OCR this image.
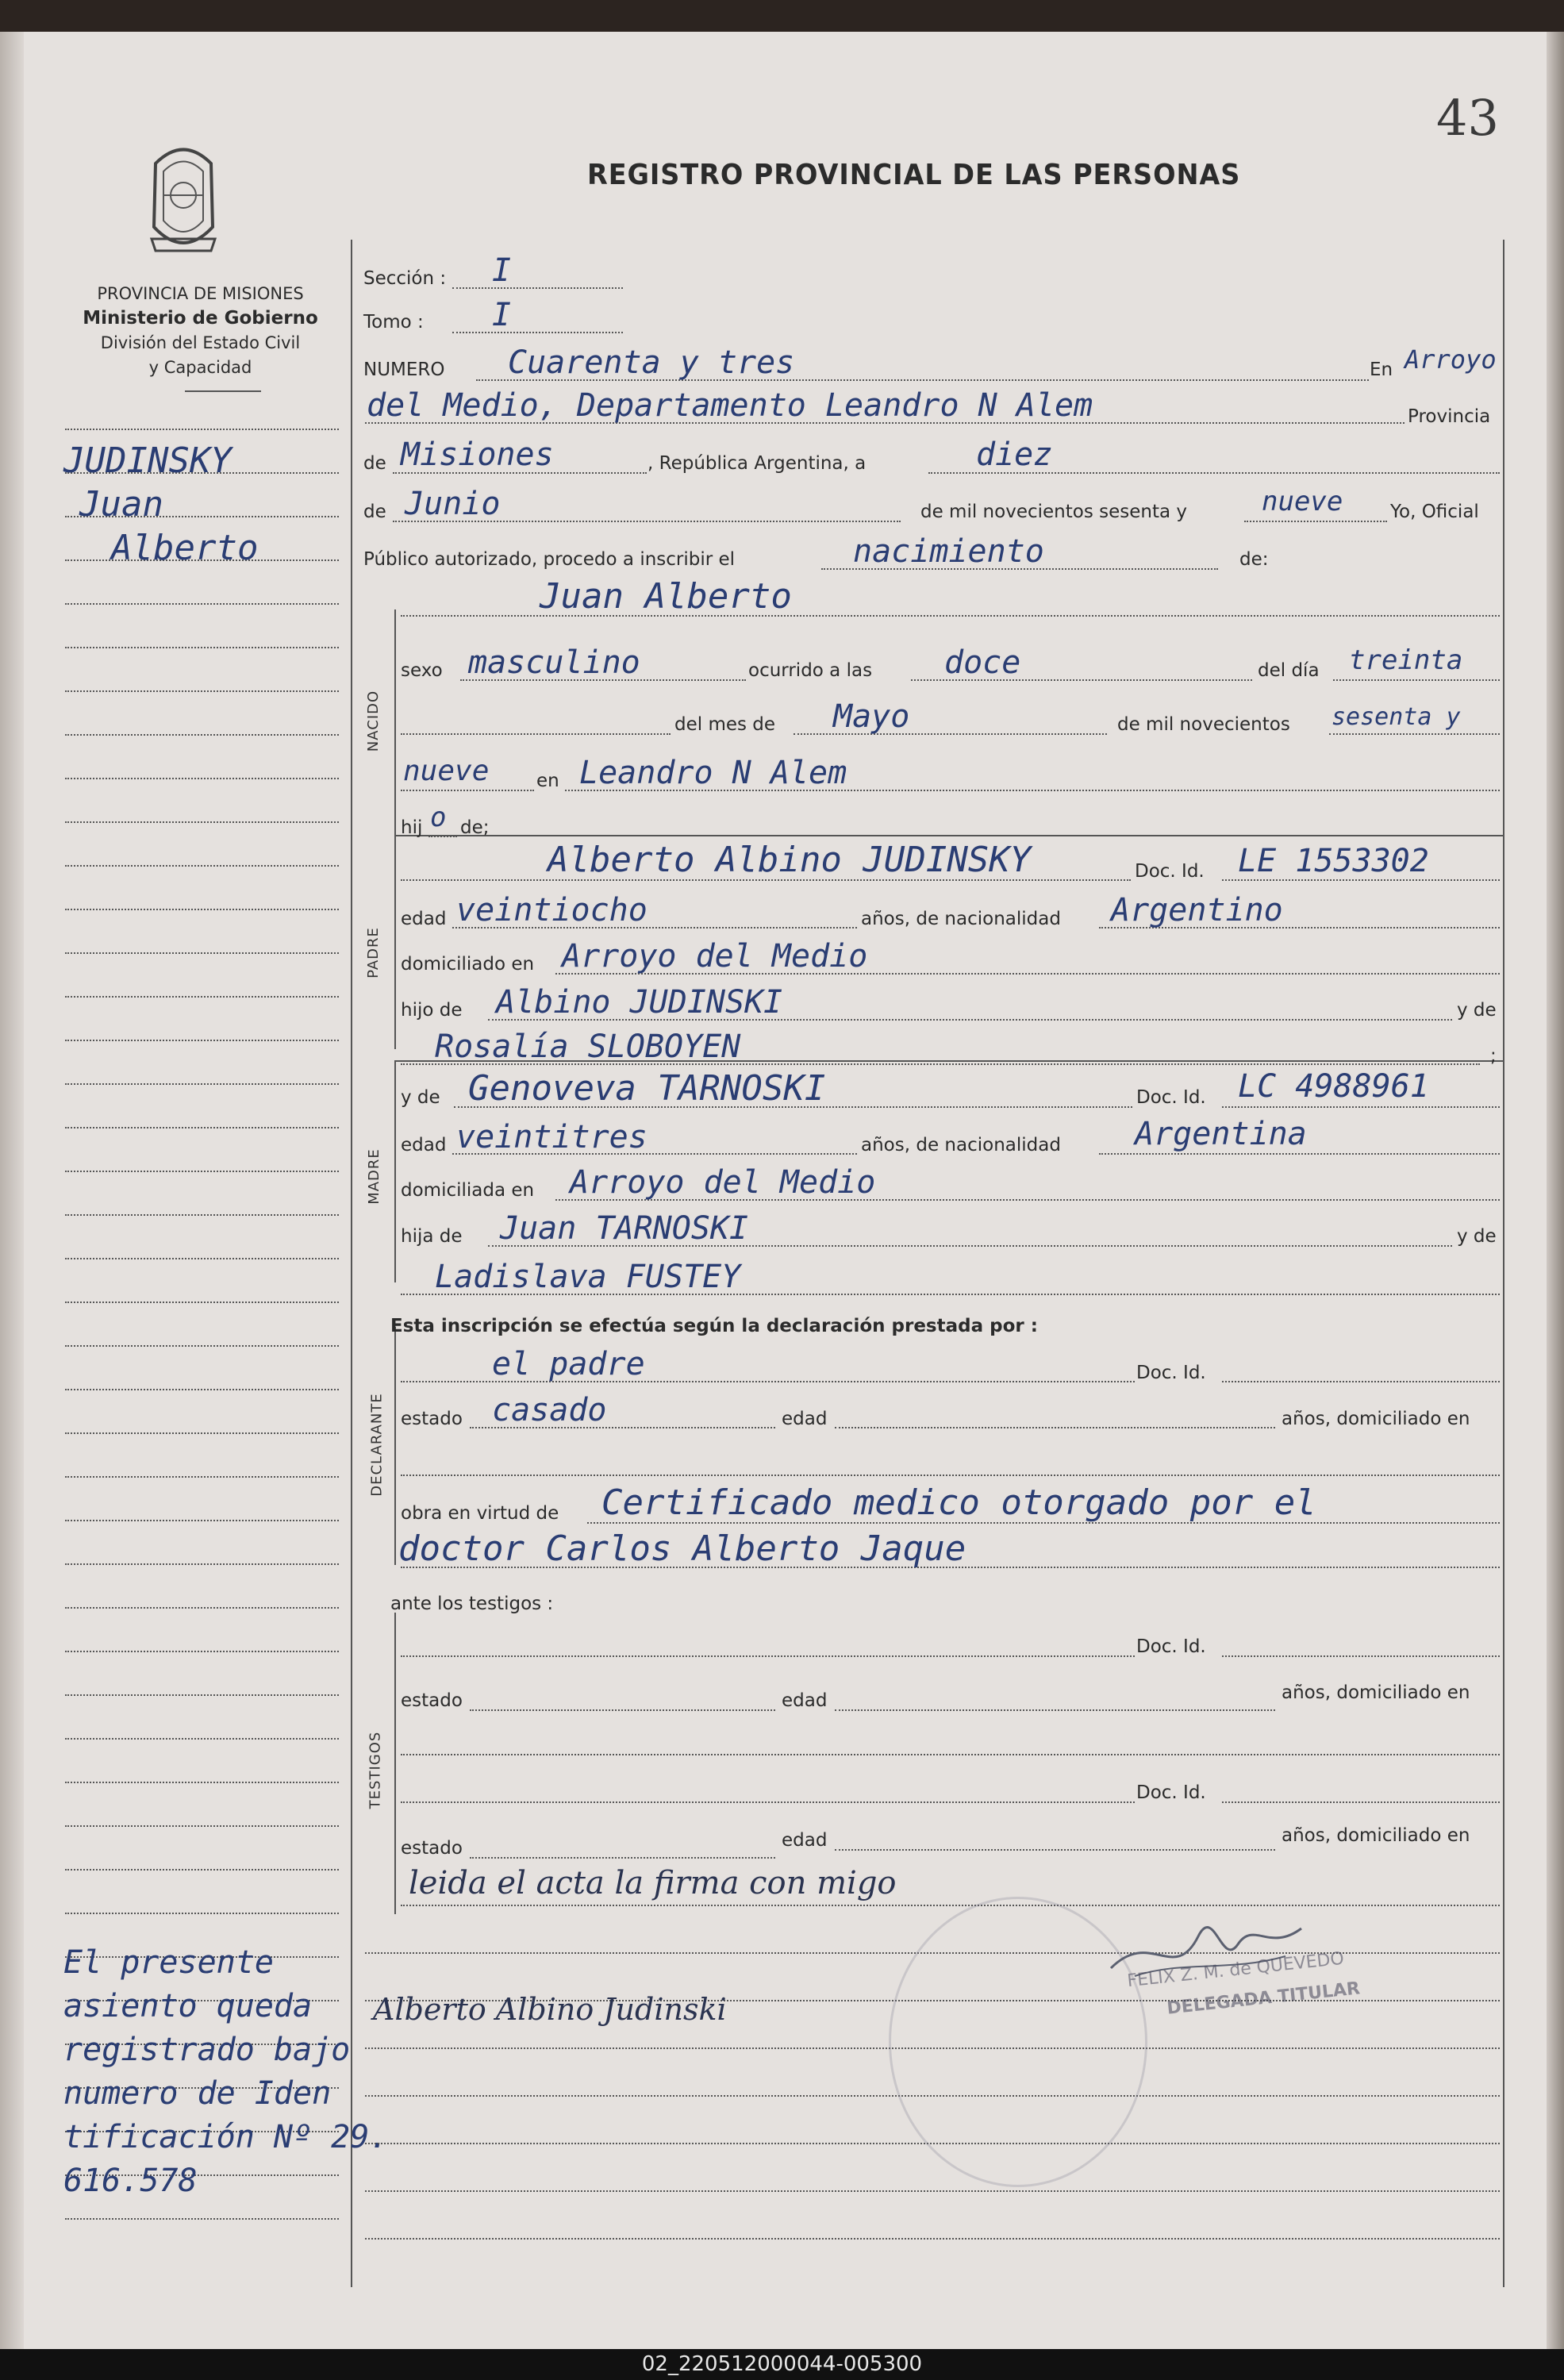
43
REGISTRO PROVINCIAL DE LAS PERSONAS
PROVINCIA DE MISIONES
Ministerio de Gobierno
División del Estado Civil
y Capacidad
NACIDO
PADRE
MADRE
DECLARANTE
TESTIGOS
JUDINSKY
Juan
Alberto
El presente
asiento queda
registrado bajo
numero de Iden
tificación Nº 29.
616.578
Sección : I
Tomo : I
NUMERO Cuarenta y tres	En Arroyo
del Medio, Departamento Leandro N Alem	Provincia
de Misiones	, República Argentina, a	diez
de Junio	de mil novecientos sesenta y	nueve	Yo, Oficial
Público autorizado, procedo a inscribir el	nacimiento	de:
Juan Alberto
sexo masculino	ocurrido a las doce	del día treinta
del mes de Mayo	de mil novecientos sesenta y
nueve	en Leandro N Alem
hij o de;
Alberto Albino JUDINSKY	Doc. Id. LE 1553302
edad veintiocho	años, de nacionalidad Argentino
domiciliado en Arroyo del Medio
hijo de Albino JUDINSKI	y de
Rosalía SLOBOYEN	;
y de Genoveva TARNOSKI	Doc. Id. LC 4988961
edad veintitres	años, de nacionalidad Argentina
domiciliada en Arroyo del Medio
hija de Juan TARNOSKI	y de
Ladislava FUSTEY
Esta inscripción se efectúa según la declaración prestada por :
el padre	Doc. Id.
estado casado	edad	años, domiciliado en
obra en virtud de Certificado medico otorgado por el
doctor Carlos Alberto Jaque
ante los testigos :
Doc. Id.
estado	edad	años, domiciliado en
Doc. Id.
estado	edad	años, domiciliado en
leida el acta la firma con migo
Alberto Albino Judinski
FELIX Z. M. de QUEVEDO
DELEGADA TITULAR
02_220512000044-005300
